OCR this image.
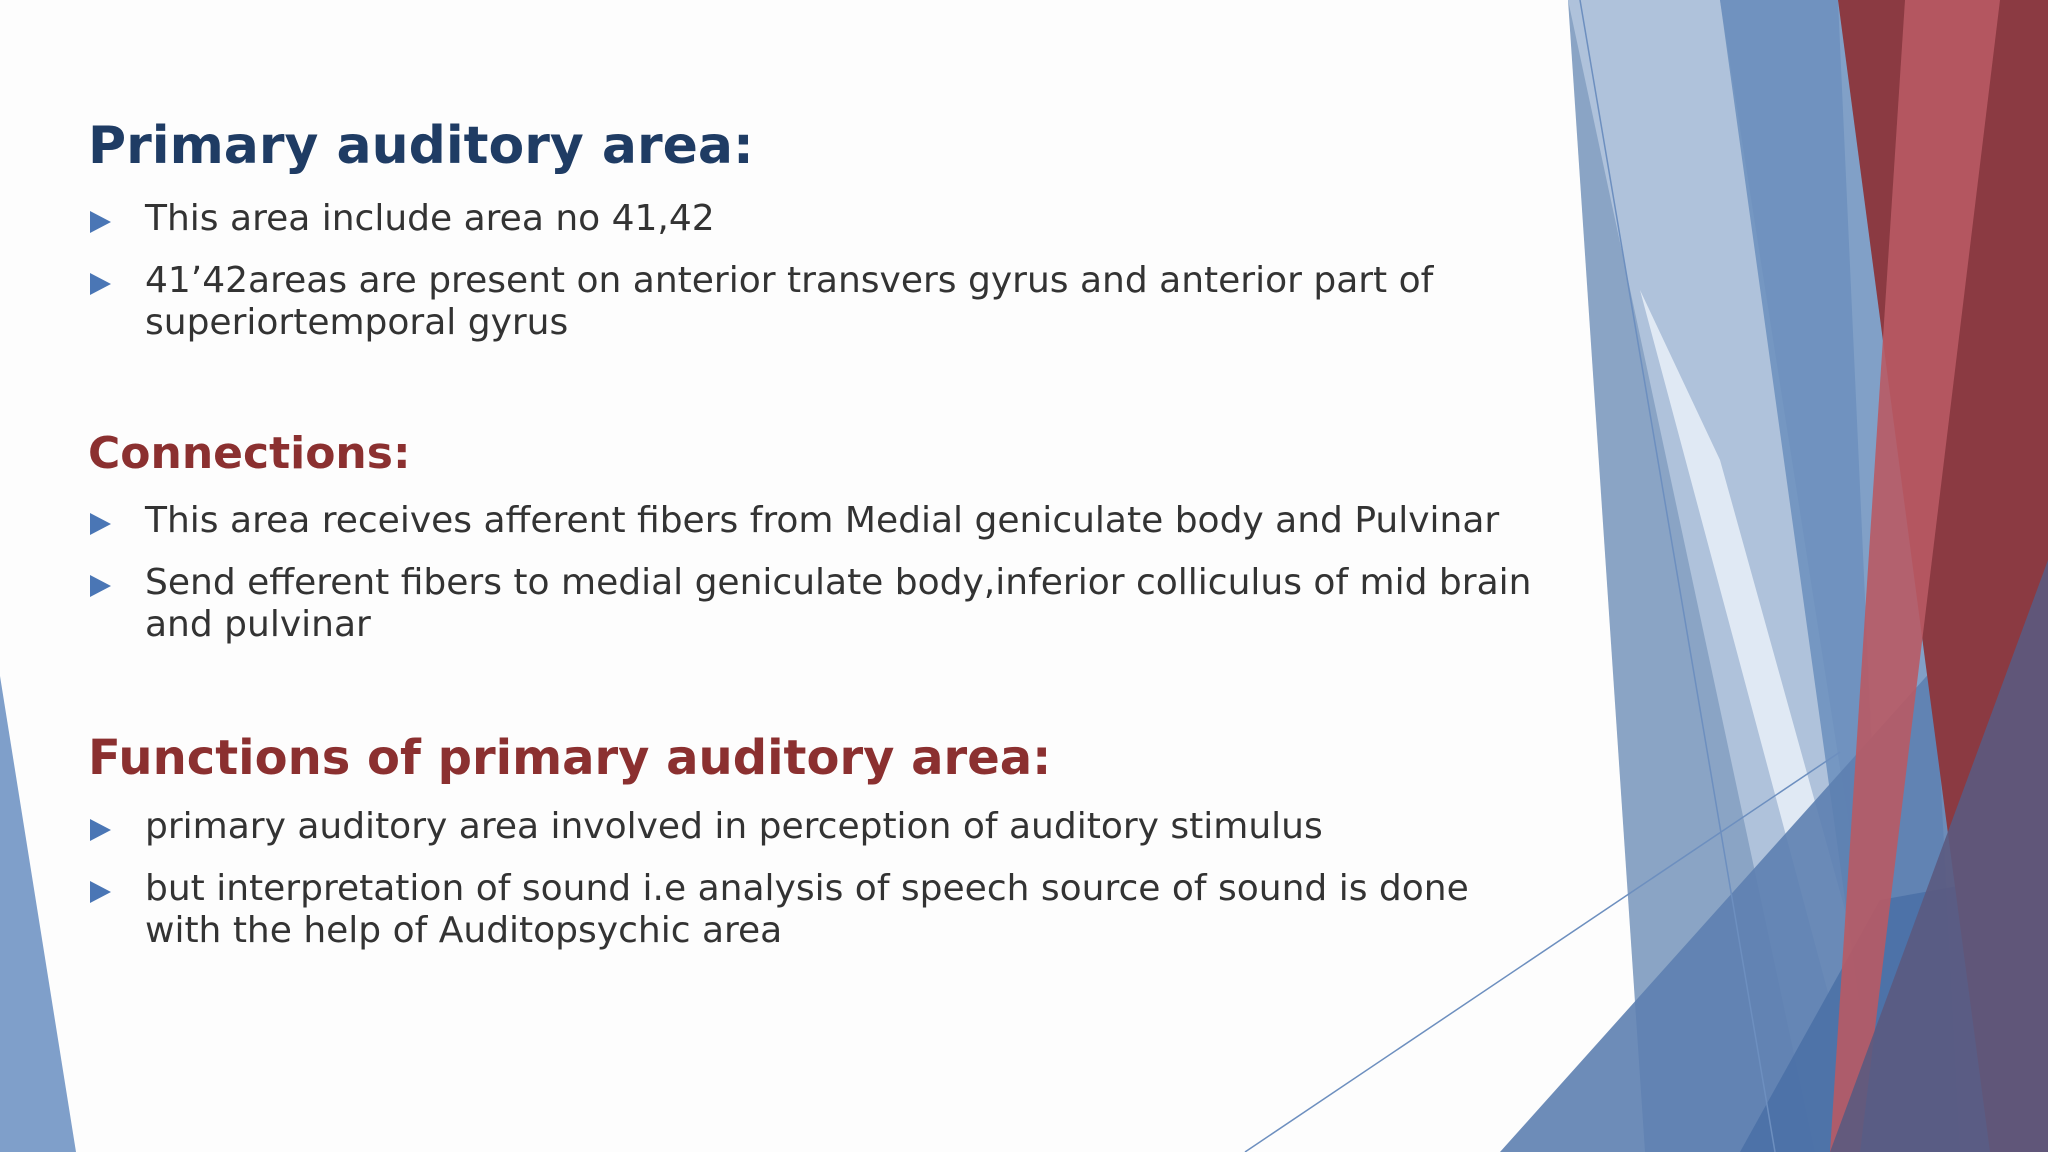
Primary auditory area:
This area include area no 41,42
41’42areas are present on anterior transvers gyrus and anterior part of superiortemporal gyrus
Connections:
This area receives afferent fibers from Medial geniculate body and Pulvinar
Send efferent fibers to medial geniculate body,inferior colliculus of mid brain and pulvinar
Functions of primary auditory area:
primary auditory area involved in perception of auditory stimulus
but interpretation of sound i.e analysis of speech source of sound is done with the help of Auditopsychic area
